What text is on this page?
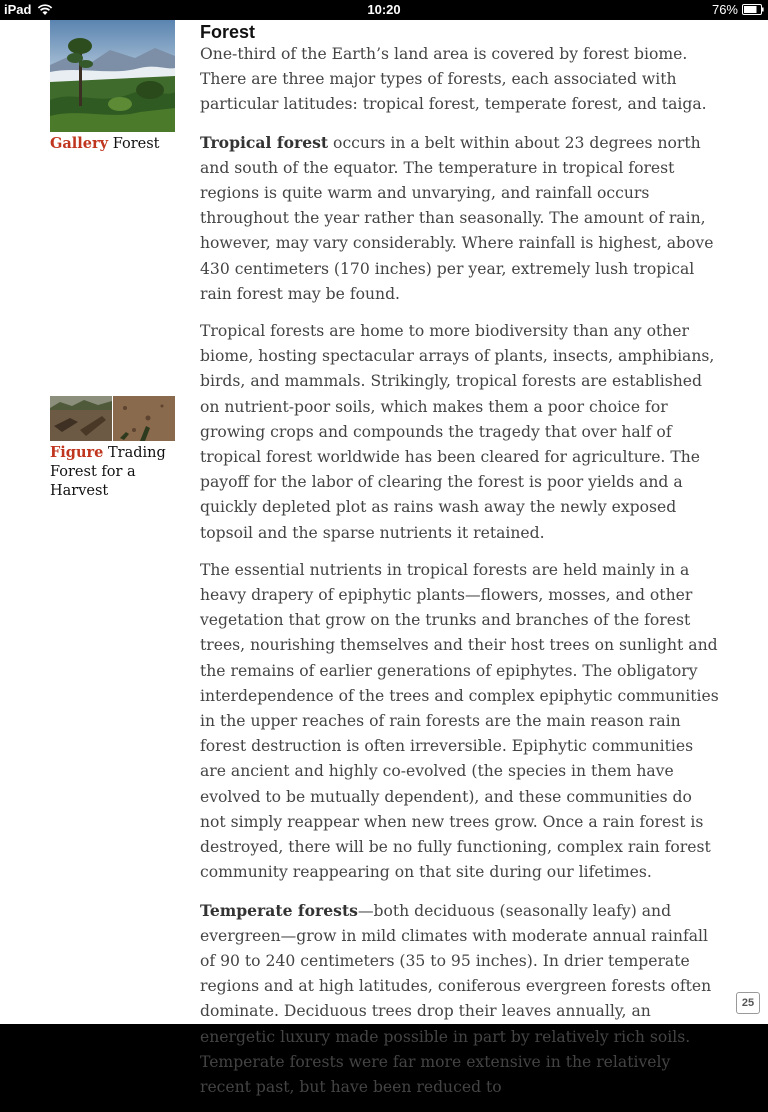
iPad	10:20	76%
Gallery Forest
Figure Trading Forest for a Harvest
Forest

One-third of the Earth’s land area is covered by forest biome. There are three major types of forests, each associated with particular latitudes: tropical forest, temperate forest, and taiga.

Tropical forest occurs in a belt within about 23 degrees north and south of the equator. The temperature in tropical forest regions is quite warm and unvarying, and rainfall occurs throughout the year rather than seasonally. The amount of rain, however, may vary considerably. Where rainfall is highest, above 430 centimeters (170 inches) per year, extremely lush tropical rain forest may be found.

Tropical forests are home to more biodiversity than any other biome, hosting spectacular arrays of plants, insects, amphibians, birds, and mammals. Strikingly, tropical forests are established on nutrient-poor soils, which makes them a poor choice for growing crops and compounds the tragedy that over half of tropical forest worldwide has been cleared for agriculture. The payoff for the labor of clearing the forest is poor yields and a quickly depleted plot as rains wash away the newly exposed topsoil and the sparse nutrients it retained.

The essential nutrients in tropical forests are held mainly in a heavy drapery of epiphytic plants—flowers, mosses, and other vegetation that grow on the trunks and branches of the forest trees, nourishing themselves and their host trees on sunlight and the remains of earlier generations of epiphytes. The obligatory interdependence of the trees and complex epiphytic communities in the upper reaches of rain forests are the main reason rain forest destruction is often irreversible. Epiphytic communities are ancient and highly co-evolved (the species in them have evolved to be mutually dependent), and these communities do not simply reappear when new trees grow. Once a rain forest is destroyed, there will be no fully functioning, complex rain forest community reappearing on that site during our lifetimes.

Temperate forests—both deciduous (seasonally leafy) and evergreen—grow in mild climates with moderate annual rainfall of 90 to 240 centimeters (35 to 95 inches). In drier temperate regions and at high latitudes, coniferous evergreen forests often dominate. Deciduous trees drop their leaves annually, an energetic luxury made possible in part by relatively rich soils. Temperate forests were far more extensive in the relatively recent past, but have been reduced to

25
